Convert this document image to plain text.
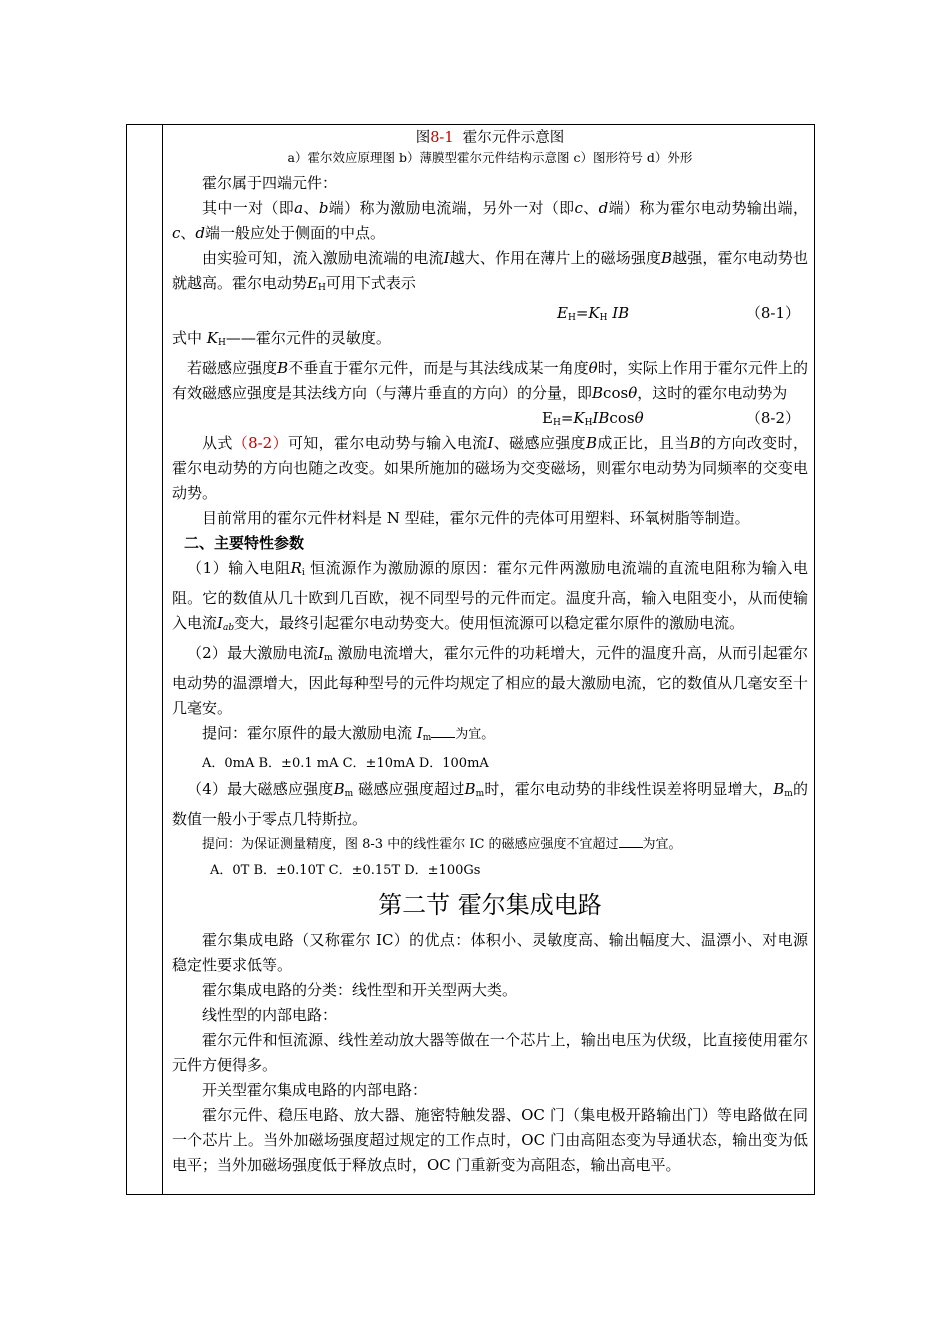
图8-1 霍尔元件示意图
a）霍尔效应原理图 b）薄膜型霍尔元件结构示意图 c）图形符号 d）外形

霍尔属于四端元件：

其中一对（即a、b端）称为激励电流端，另外一对（即c、d端）称为霍尔电动势输出端，c、d端一般应处于侧面的中点。

由实验可知，流入激励电流端的电流I越大、作用在薄片上的磁场强度B越强，霍尔电动势也就越高。霍尔电动势$E_H$可用下式表示

$E_H=K_H$ IB	（8-1）

式中 $K_H——$霍尔元件的灵敏度。

若磁感应强度B不垂直于霍尔元件，而是与其法线成某一角度θ时，实际上作用于霍尔元件上的有效磁感应强度是其法线方向（与薄片垂直的方向）的分量，即Bcosθ，这时的霍尔电动势为

$E_H=K_HIBcos\theta$	（8-2）

从式（8-2）可知，霍尔电动势与输入电流I、磁感应强度B成正比，且当B的方向改变时，霍尔电动势的方向也随之改变。如果所施加的磁场为交变磁场，则霍尔电动势为同频率的交变电动势。

目前常用的霍尔元件材料是 N 型硅，霍尔元件的壳体可用塑料、环氧树脂等制造。

二、主要特性参数

（1）输入电阻$R_i$ 恒流源作为激励源的原因：霍尔元件两激励电流端的直流电阻称为输入电阻。它的数值从几十欧到几百欧，视不同型号的元件而定。温度升高，输入电阻变小，从而使输入电流$I_{ab}$变大，最终引起霍尔电动势变大。使用恒流源可以稳定霍尔原件的激励电流。

（2）最大激励电流$I_m$ 激励电流增大，霍尔元件的功耗增大，元件的温度升高，从而引起霍尔电动势的温漂增大，因此每种型号的元件均规定了相应的最大激励电流，它的数值从几毫安至十几毫安。

提问：霍尔原件的最大激励电流 $I_m$ 为宜。

A．0mA B．±0.1 mA C．±10mA D．100mA

（4）最大磁感应强度$B_m$ 磁感应强度超过$B_m$时，霍尔电动势的非线性误差将明显增大，$B_m$的数值一般小于零点几特斯拉。

提问：为保证测量精度，图 8-3 中的线性霍尔 IC 的磁感应强度不宜超过 为宜。

A．0T B．±0.10T C．±0.15T D．±100Gs

第二节 霍尔集成电路

霍尔集成电路（又称霍尔 IC）的优点：体积小、灵敏度高、输出幅度大、温漂小、对电源稳定性要求低等。

霍尔集成电路的分类：线性型和开关型两大类。

线性型的内部电路：

霍尔元件和恒流源、线性差动放大器等做在一个芯片上，输出电压为伏级，比直接使用霍尔元件方便得多。

开关型霍尔集成电路的内部电路：

霍尔元件、稳压电路、放大器、施密特触发器、OC 门（集电极开路输出门）等电路做在同一个芯片上。当外加磁场强度超过规定的工作点时，OC 门由高阻态变为导通状态，输出变为低电平；当外加磁场强度低于释放点时，OC 门重新变为高阻态，输出高电平。
